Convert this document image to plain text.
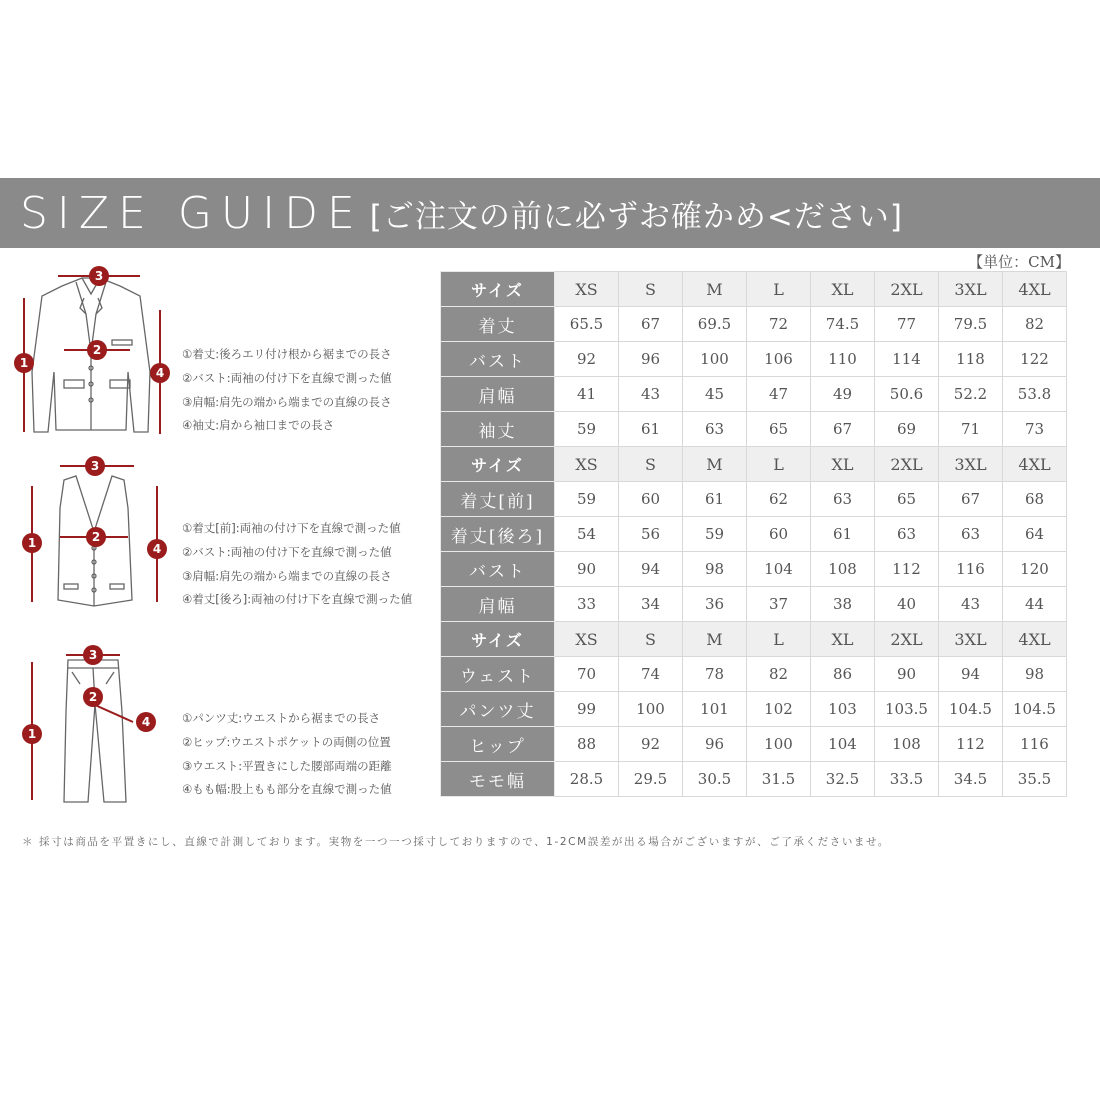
SIZE GUIDE [ご注文の前に必ずお確かめ<ださい]
【単位：CM】
サイズ	XS	S	M	L	XL	2XL	3XL	4XL
着丈	65.5	67	69.5	72	74.5	77	79.5	82
バスト	92	96	100	106	110	114	118	122
肩幅	41	43	45	47	49	50.6	52.2	53.8
袖丈	59	61	63	65	67	69	71	73
サイズ	XS	S	M	L	XL	2XL	3XL	4XL
着丈[前]	59	60	61	62	63	65	67	68
着丈[後ろ]	54	56	59	60	61	63	63	64
バスト	90	94	98	104	108	112	116	120
肩幅	33	34	36	37	38	40	43	44
サイズ	XS	S	M	L	XL	2XL	3XL	4XL
ウェスト	70	74	78	82	86	90	94	98
パンツ丈	99	100	101	102	103	103.5	104.5	104.5
ヒップ	88	92	96	100	104	108	112	116
モモ幅	28.5	29.5	30.5	31.5	32.5	33.5	34.5	35.5
3
1
2
4
①着丈:後ろエリ付け根から裾までの長さ
②バスト:両袖の付け下を直線で測った値
③肩幅:肩先の端から端までの直線の長さ
④袖丈:肩から袖口までの長さ
3
1	2
4
①着丈[前]:両袖の付け下を直線で測った値
②バスト:両袖の付け下を直線で測った値
③肩幅:肩先の端から端までの直線の長さ
④着丈[後ろ]:両袖の付け下を直線で測った値
3
1
2
4	①パンツ丈:ウエストから裾までの長さ
②ヒップ:ウエストポケットの両側の位置
③ウエスト:平置きにした腰部両端の距離
④もも幅:股上もも部分を直線で測った値
＊ 採寸は商品を平置きにし、直線で計測しております。実物を一つ一つ採寸しておりますので、1-2CM誤差が出る場合がございますが、ご了承くださいませ。
